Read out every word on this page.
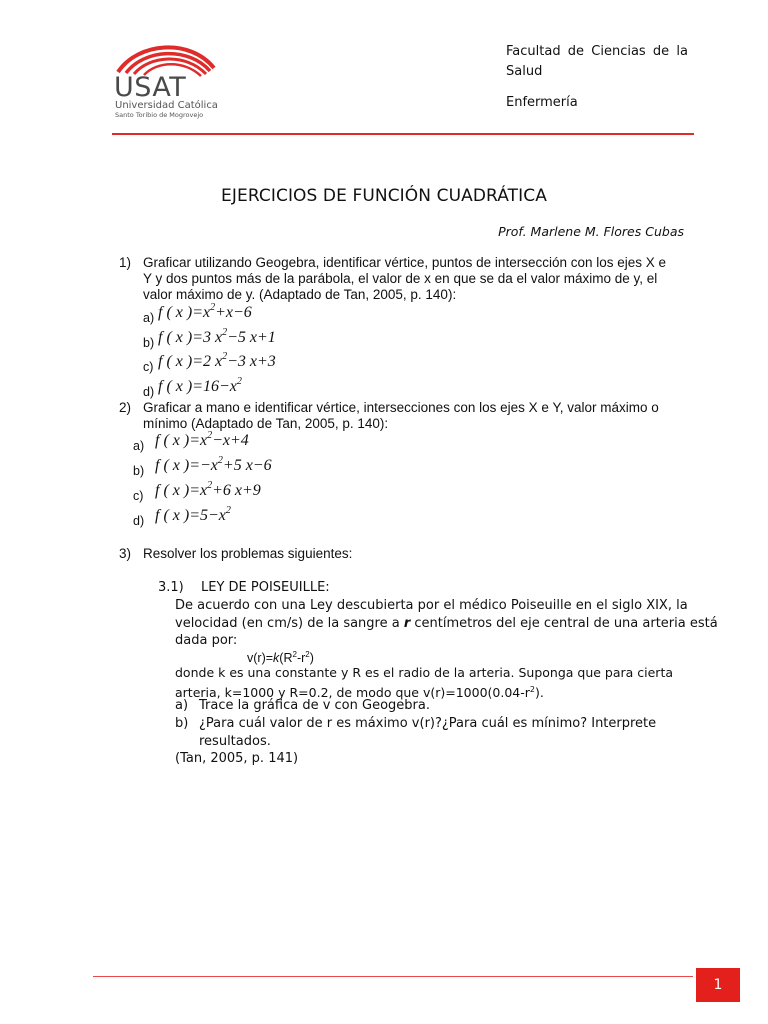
USAT
Universidad Católica
Santo Toribio de Mogrovejo
Facultad de Ciencias de la Salud
Enfermería
EJERCICIOS DE FUNCIÓN CUADRÁTICA
Prof. Marlene M. Flores Cubas
1) Graficar utilizando Geogebra, identificar vértice, puntos de intersección con los ejes X e
Y y dos puntos más de la parábola, el valor de x en que se da el valor máximo de y, el
valor máximo de y. (Adaptado de Tan, 2005, p. 140):
a) f ( x )$=x^2+x-6$
b) f ( x )=3 $x^2-5$ x+1
c) f ( x )=2 $x^2-3$ x+3
d) f ( x )$=16-x^2$
2) Graficar a mano e identificar vértice, intersecciones con los ejes X e Y, valor máximo o
mínimo (Adaptado de Tan, 2005, p. 140):
a) f ( x )$=x^2-x+4$
b) f ( x )$=-x^2+5$ x−6
c) f ( x )$=x^2+6$ x+9
d) f ( x )$=5-x^2$
3) Resolver los problemas siguientes:
3.1) LEY DE POISEUILLE:
De acuerdo con una Ley descubierta por el médico Poiseuille en el siglo XIX, la
velocidad (en cm/s) de la sangre a r centímetros del eje central de una arteria está
dada por:
$v(r)=k(R^2-r^2)$
donde k es una constante y R es el radio de la arteria. Suponga que para cierta
arteria, k=1000 y R=0.2, de modo que $v(r)=1000(0.04-r^2)$.
a) Trace la gráfica de v con Geogebra.
b) ¿Para cuál valor de r es máximo v(r)?¿Para cuál es mínimo? Interprete
resultados.
(Tan, 2005, p. 141)
1
